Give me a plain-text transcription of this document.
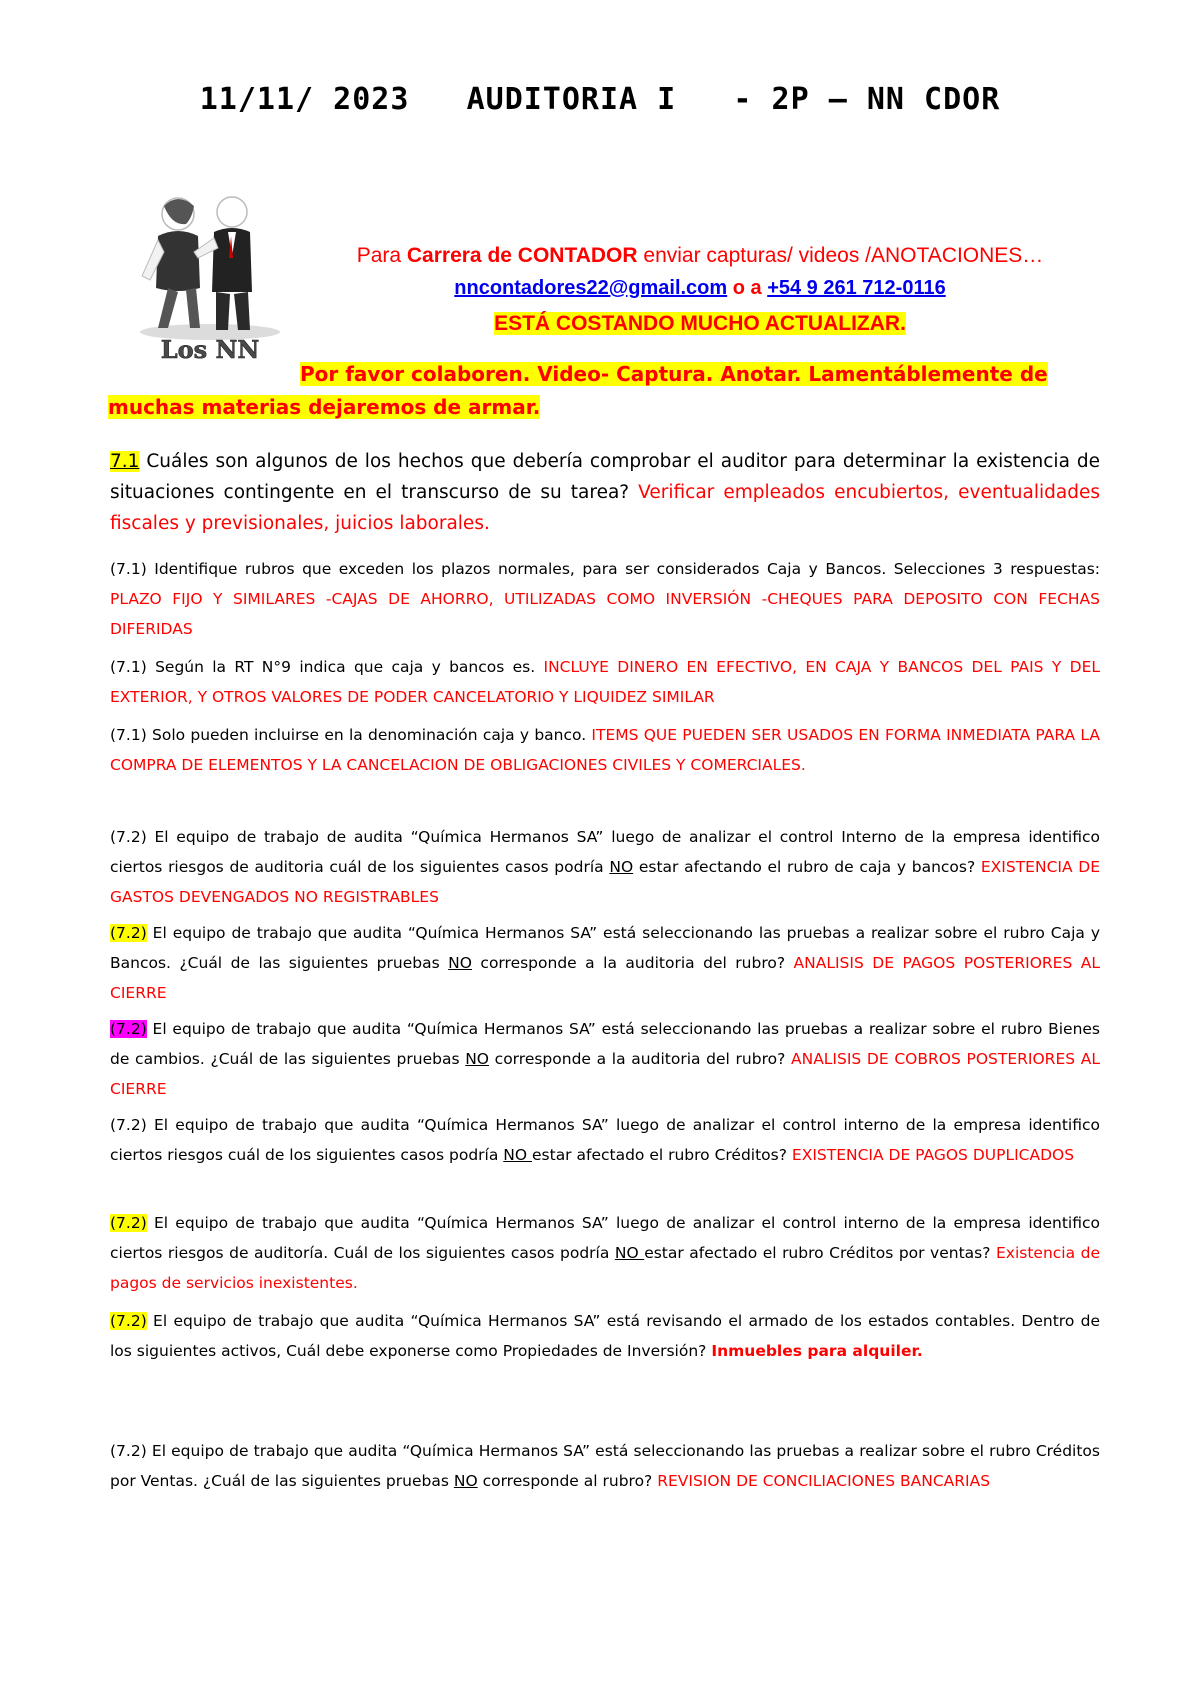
11/11/ 2023   AUDITORIA I   - 2P – NN CDOR
Los NN
Para Carrera de CONTADOR enviar capturas/ videos /ANOTACIONES…
nncontadores22@gmail.com o a +54 9 261 712-0116
ESTÁ COSTANDO MUCHO ACTUALIZAR.
Por favor colaboren. Video- Captura. Anotar. Lamentáblemente de
muchas materias dejaremos de armar.
7.1 Cuáles son algunos de los hechos que debería comprobar el auditor para determinar la existencia de situaciones contingente en el transcurso de su tarea? Verificar empleados encubiertos, eventualidades fiscales y previsionales, juicios laborales.
(7.1) Identifique rubros que exceden los plazos normales, para ser considerados Caja y Bancos. Selecciones 3 respuestas: PLAZO FIJO Y SIMILARES -CAJAS DE AHORRO, UTILIZADAS COMO INVERSIÓN -CHEQUES PARA DEPOSITO CON FECHAS DIFERIDAS
(7.1) Según la RT N°9 indica que caja y bancos es. INCLUYE DINERO EN EFECTIVO, EN CAJA Y BANCOS DEL PAIS Y DEL EXTERIOR, Y OTROS VALORES DE PODER CANCELATORIO Y LIQUIDEZ SIMILAR
(7.1) Solo pueden incluirse en la denominación caja y banco. ITEMS QUE PUEDEN SER USADOS EN FORMA INMEDIATA PARA LA COMPRA DE ELEMENTOS Y LA CANCELACION DE OBLIGACIONES CIVILES Y COMERCIALES.
(7.2) El equipo de trabajo de audita “Química Hermanos SA” luego de analizar el control Interno de la empresa identifico ciertos riesgos de auditoria cuál de los siguientes casos podría NO estar afectando el rubro de caja y bancos? EXISTENCIA DE GASTOS DEVENGADOS NO REGISTRABLES
(7.2) El equipo de trabajo que audita “Química Hermanos SA” está seleccionando las pruebas a realizar sobre el rubro Caja y Bancos. ¿Cuál de las siguientes pruebas NO corresponde a la auditoria del rubro? ANALISIS DE PAGOS POSTERIORES AL CIERRE
(7.2) El equipo de trabajo que audita “Química Hermanos SA” está seleccionando las pruebas a realizar sobre el rubro Bienes de cambios. ¿Cuál de las siguientes pruebas NO corresponde a la auditoria del rubro? ANALISIS DE COBROS POSTERIORES AL CIERRE
(7.2) El equipo de trabajo que audita “Química Hermanos SA” luego de analizar el control interno de la empresa identifico ciertos riesgos cuál de los siguientes casos podría NO estar afectado el rubro Créditos? EXISTENCIA DE PAGOS DUPLICADOS
(7.2) El equipo de trabajo que audita “Química Hermanos SA” luego de analizar el control interno de la empresa identifico ciertos riesgos de auditoría. Cuál de los siguientes casos podría NO estar afectado el rubro Créditos por ventas? Existencia de pagos de servicios inexistentes.
(7.2) El equipo de trabajo que audita “Química Hermanos SA” está revisando el armado de los estados contables. Dentro de los siguientes activos, Cuál debe exponerse como Propiedades de Inversión? Inmuebles para alquiler.
(7.2) El equipo de trabajo que audita “Química Hermanos SA” está seleccionando las pruebas a realizar sobre el rubro Créditos por Ventas. ¿Cuál de las siguientes pruebas NO corresponde al rubro? REVISION DE CONCILIACIONES BANCARIAS
